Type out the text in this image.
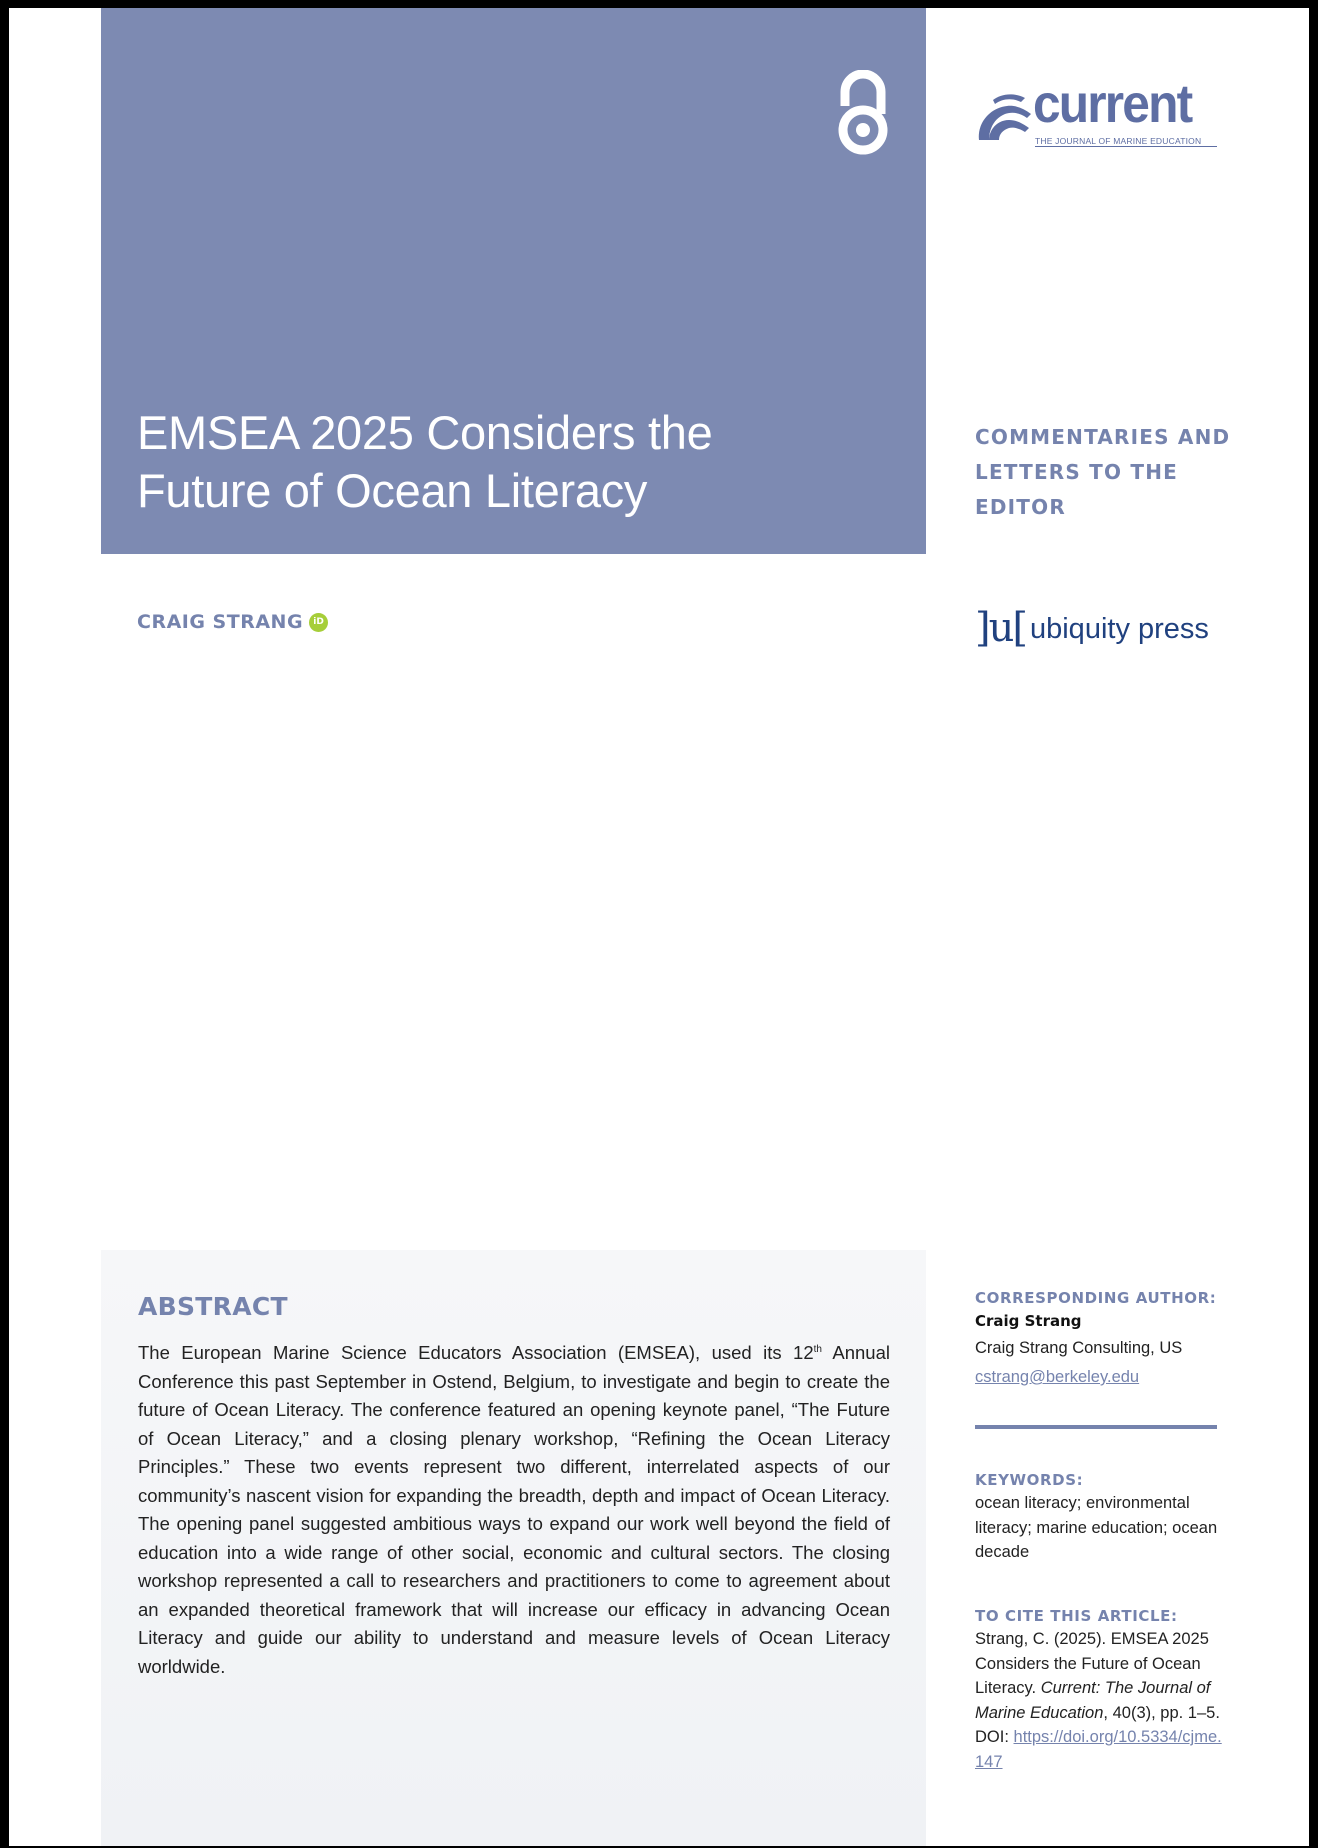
EMSEA 2025 Considers the
Future of Ocean Literacy
current
THE JOURNAL OF MARINE EDUCATION
COMMENTARIES AND
LETTERS TO THE
EDITOR
CRAIG STRANG	iD	]u[ ubiquity press
ABSTRACT
The European Marine Science Educators Association (EMSEA), used its 12th Annual Conference this past September in Ostend, Belgium, to investigate and begin to create the future of Ocean Literacy. The conference featured an opening keynote panel, “The Future of Ocean Literacy,” and a closing plenary workshop, “Refining the Ocean Literacy Principles.” These two events represent two different, interrelated aspects of our community’s nascent vision for expanding the breadth, depth and impact of Ocean Literacy. The opening panel suggested ambitious ways to expand our work well beyond the field of education into a wide range of other social, economic and cultural sectors. The closing workshop represented a call to researchers and practitioners to come to agreement about an expanded theoretical framework that will increase our efficacy in advancing Ocean Literacy and guide our ability to understand and measure levels of Ocean Literacy worldwide.
CORRESPONDING AUTHOR:
Craig Strang
Craig Strang Consulting, US
cstrang@berkeley.edu
KEYWORDS:
ocean literacy; environmental literacy; marine education; ocean decade
TO CITE THIS ARTICLE:
Strang, C. (2025). EMSEA 2025 Considers the Future of Ocean Literacy. Current: The Journal of Marine Education, 40(3), pp. 1–5. DOI: https://doi.org/10.5334/cjme.147
